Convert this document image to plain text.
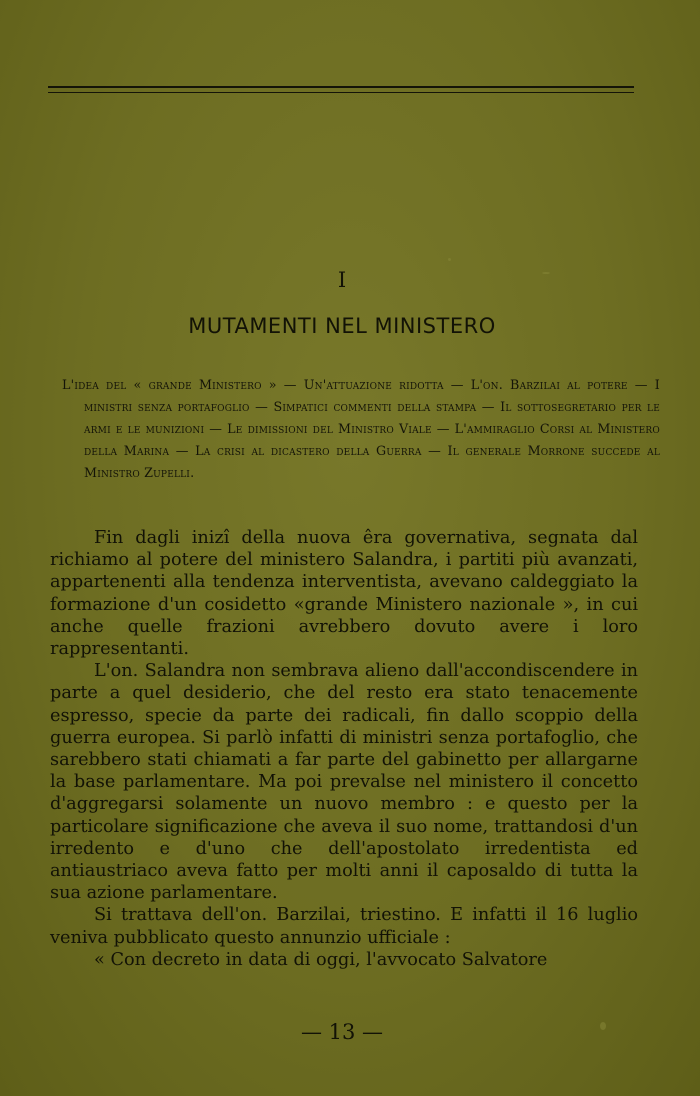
I
MUTAMENTI NEL MINISTERO
L'idea del « grande Ministero » — Un'attuazione ridotta — L'on. Barzilai al potere — I ministri senza portafoglio — Simpatici commenti della stampa — Il sottosegretario per le armi e le munizioni — Le dimissioni del Ministro Viale — L'ammiraglio Corsi al Ministero della Marina — La crisi al dicastero della Guerra — Il generale Morrone succede al Ministro Zupelli.

Fin dagli inizî della nuova êra governativa, segnata dal richiamo al potere del ministero Salandra, i partiti più avanzati, appartenenti alla tendenza interventista, avevano caldeggiato la formazione d'un cosidetto «grande Ministero nazionale », in cui anche quelle frazioni avrebbero dovuto avere i loro rappresentanti.

L'on. Salandra non sembrava alieno dall'accondiscendere in parte a quel desiderio, che del resto era stato tenacemente espresso, specie da parte dei radicali, fin dallo scoppio della guerra europea. Si parlò infatti di ministri senza portafoglio, che sarebbero stati chiamati a far parte del gabinetto per allargarne la base parlamentare. Ma poi prevalse nel ministero il concetto d'aggregarsi solamente un nuovo membro : e questo per la particolare significazione che aveva il suo nome, trattandosi d'un irredento e d'uno che dell'apostolato irredentista ed antiaustriaco aveva fatto per molti anni il caposaldo di tutta la sua azione parlamentare.

Si trattava dell'on. Barzilai, triestino. E infatti il 16 luglio veniva pubblicato questo annunzio ufficiale :

« Con decreto in data di oggi, l'avvocato Salvatore

— 13 —
